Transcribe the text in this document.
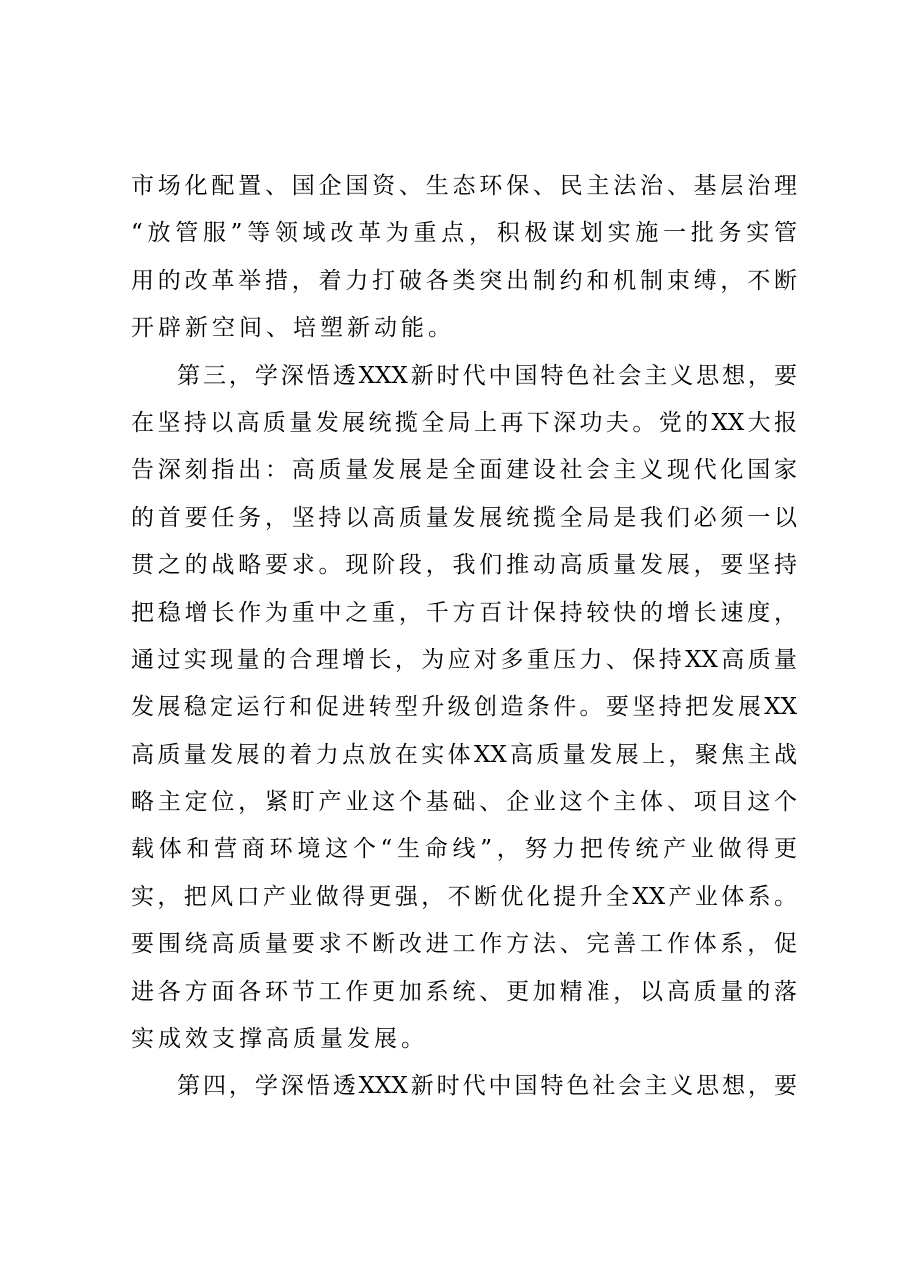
市场化配置、国企国资、生态环保、民主法治、基层治理
“放管服”等领域改革为重点，积极谋划实施一批务实管
用的改革举措，着力打破各类突出制约和机制束缚，不断
开辟新空间、培塑新动能。
第三，学深悟透XXX新时代中国特色社会主义思想，要
在坚持以高质量发展统揽全局上再下深功夫。党的XX大报
告深刻指出：高质量发展是全面建设社会主义现代化国家
的首要任务，坚持以高质量发展统揽全局是我们必须一以
贯之的战略要求。现阶段，我们推动高质量发展，要坚持
把稳增长作为重中之重，千方百计保持较快的增长速度，
通过实现量的合理增长，为应对多重压力、保持XX高质量
发展稳定运行和促进转型升级创造条件。要坚持把发展XX
高质量发展的着力点放在实体XX高质量发展上，聚焦主战
略主定位，紧盯产业这个基础、企业这个主体、项目这个
载体和营商环境这个“生命线”，努力把传统产业做得更
实，把风口产业做得更强，不断优化提升全XX产业体系。
要围绕高质量要求不断改进工作方法、完善工作体系，促
进各方面各环节工作更加系统、更加精准，以高质量的落
实成效支撑高质量发展。
第四，学深悟透XXX新时代中国特色社会主义思想，要
